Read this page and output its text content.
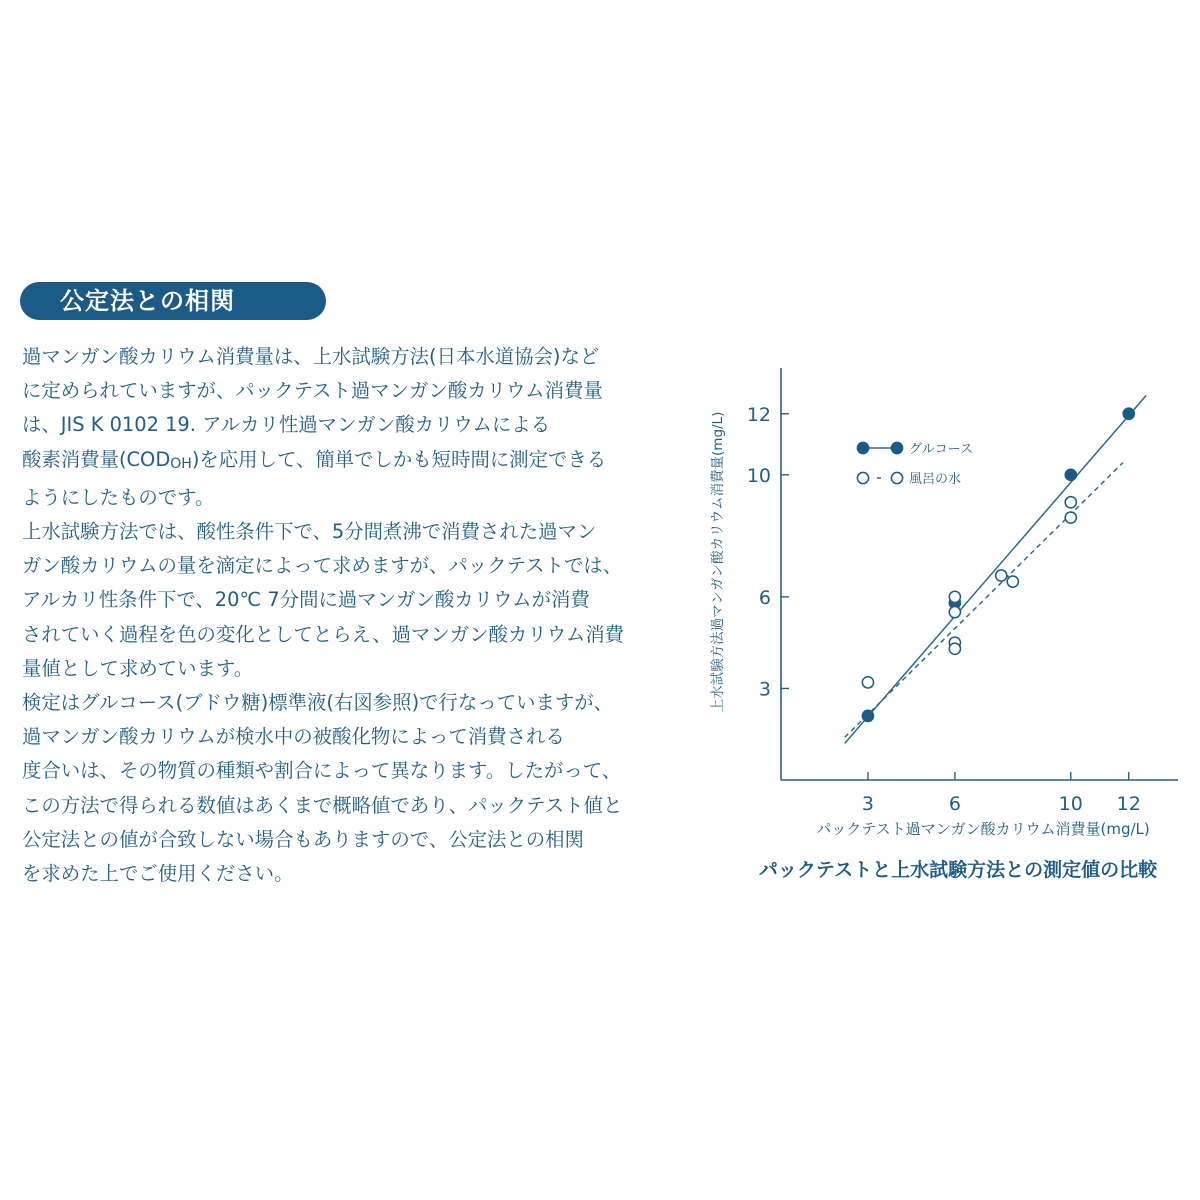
公定法との相関

過マンガン酸カリウム消費量は、上水試験方法(日本水道協会)など
に定められていますが、パックテスト過マンガン酸カリウム消費量
は、JIS K 0102 19. アルカリ性過マンガン酸カリウムによる
酸素消費量(CODOH)を応用して、簡単でしかも短時間に測定できる
ようにしたものです。

上水試験方法では、酸性条件下で、5分間煮沸で消費された過マン
ガン酸カリウムの量を滴定によって求めますが、パックテストでは、
アルカリ性条件下で、20℃ 7分間に過マンガン酸カリウムが消費
されていく過程を色の変化としてとらえ、過マンガン酸カリウム消費
量値として求めています。

検定はグルコース(ブドウ糖)標準液(右図参照)で行なっていますが、
過マンガン酸カリウムが検水中の被酸化物によって消費される
度合いは、その物質の種類や割合によって異なります。したがって、
この方法で得られる数値はあくまで概略値であり、パックテスト値と
公定法との値が合致しない場合もありますので、公定法との相関
を求めた上でご使用ください。

3	6	10 12
3
6
10
12
グルコース
風呂の水
パックテスト過マンガン酸カリウム消費量(mg/L)
上水試験方法過マンガン酸カリウム消費量(mg/L)
パックテストと上水試験方法との測定値の比較
